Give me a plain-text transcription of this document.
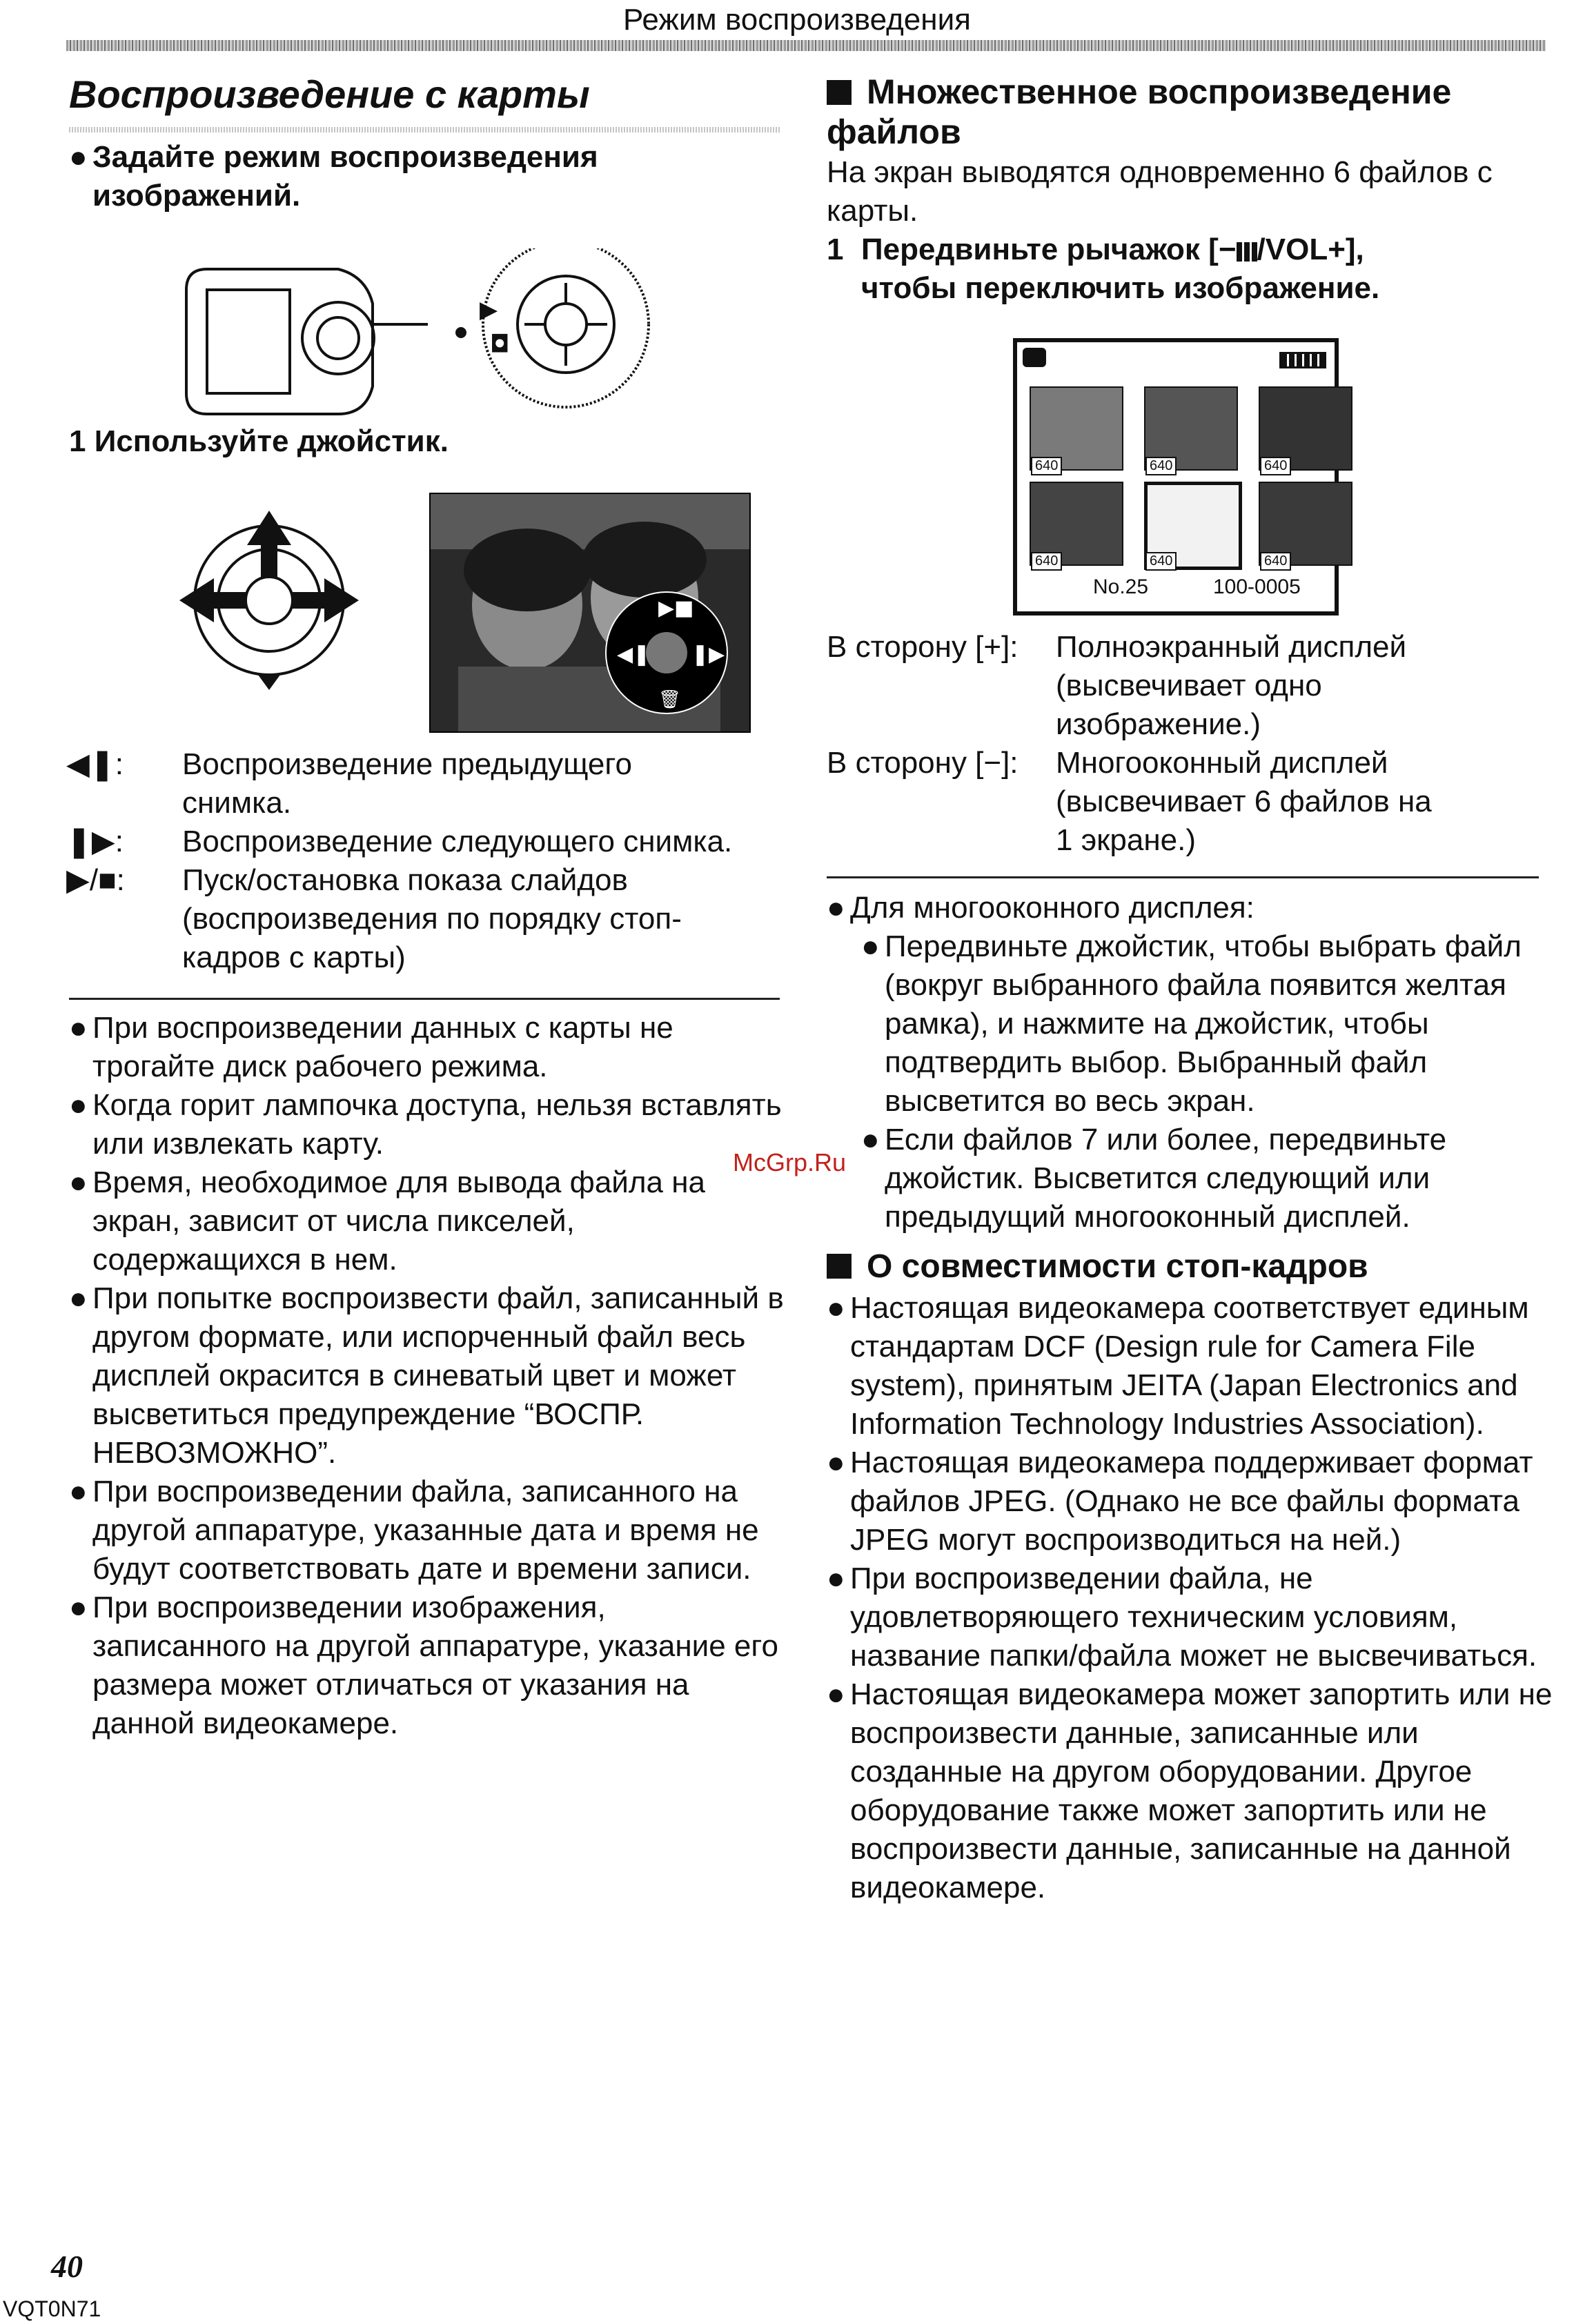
Режим воспроизведения
Воспроизведение с карты
● Задайте режим воспроизведения изображений.
▶
◘
1 Используйте джойстик.
▶■
◀❚ ❚▶
🗑
◀❚: Воспроизведение предыдущего снимка.
❚▶: Воспроизведение следующего снимка.
▶/■: Пуск/остановка показа слайдов (воспроизведения по порядку стоп-кадров с карты)
● При воспроизведении данных с карты не трогайте диск рабочего режима.
● Когда горит лампочка доступа, нельзя вставлять или извлекать карту.
● Время, необходимое для вывода файла на экран, зависит от числа пикселей, содержащихся в нем.
● При попытке воспроизвести файл, записанный в другом формате, или испорченный файл весь дисплей окрасится в синеватый цвет и может высветиться предупреждение “ВОСПР. НЕВОЗМОЖНО”.
● При воспроизведении файла, записанного на другой аппаратуре, указанные дата и время не будут соответствовать дате и времени записи.
● При воспроизведении изображения, записанного на другой аппаратуре, указание его размера может отличаться от указания на данной видеокамере.
Множественное воспроизведение файлов
На экран выводятся одновременно 6 файлов с карты.
1 Передвиньте рычажок [− /VOL+],
чтобы переключить изображение.
640	640	640
640	640	640
No.25	100-0005
В сторону [+]: Полноэкранный дисплей
(высвечивает одно
изображение.)
В сторону [−]: Многооконный дисплей
(высвечивает 6 файлов на
1 экране.)
● Для многооконного дисплея:
● Передвиньте джойстик, чтобы выбрать файл (вокруг выбранного файла появится желтая рамка), и нажмите на джойстик, чтобы подтвердить выбор. Выбранный файл высветится во весь экран.
● Если файлов 7 или более, передвиньте джойстик. Высветится следующий или предыдущий многооконный дисплей.
О совместимости стоп-кадров
● Настоящая видеокамера соответствует единым стандартам DCF (Design rule for Camera File system), принятым JEITA (Japan Electronics and Information Technology Industries Association).
● Настоящая видеокамера поддерживает формат файлов JPEG. (Однако не все файлы формата JPEG могут воспроизводиться на ней.)
● При воспроизведении файла, не удовлетворяющего техническим условиям, название папки/файла может не высвечиваться.
● Настоящая видеокамера может запортить или не воспроизвести данные, записанные или созданные на другом оборудовании. Другое оборудование также может запортить или не воспроизвести данные, записанные на данной видеокамере.
McGrp.Ru
40
VQT0N71
